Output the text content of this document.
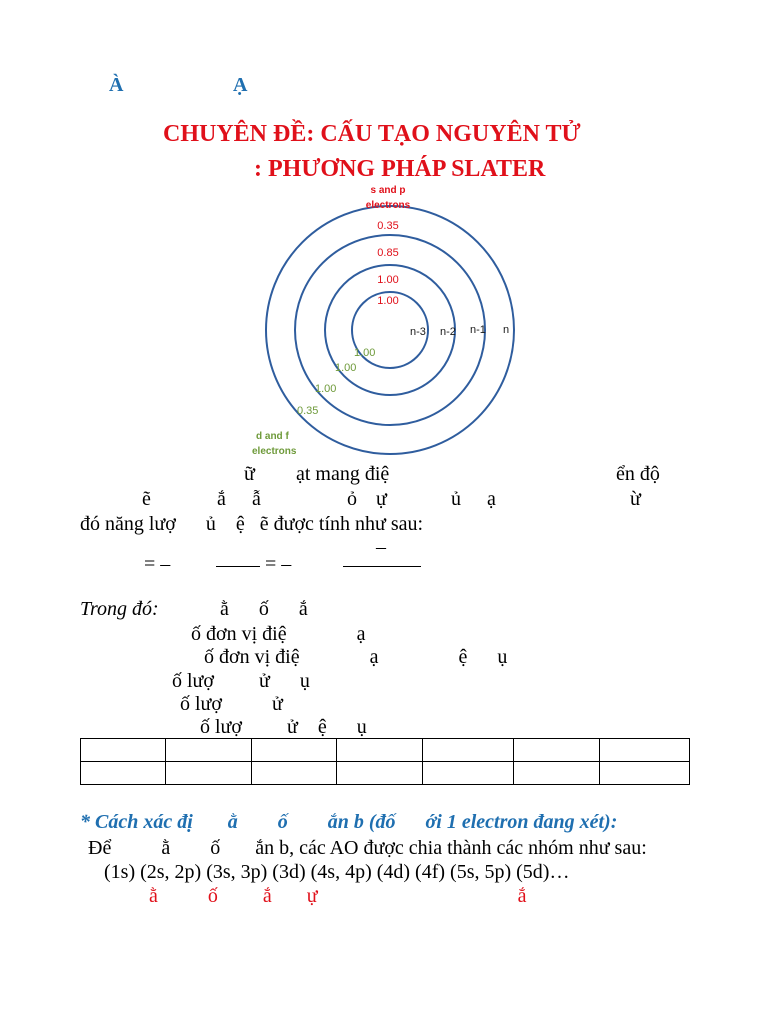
À	Ạ
CHUYÊN ĐỀ: CẤU TẠO NGUYÊN TỬ
: PHƯƠNG PHÁP SLATER
s and p
electrons
0.35
0.85
1.00
1.00
1.00
1.00
1.00
0.35
d and f
electrons
n-3 n-2 n-1 n
ữ ạt mang điệ	ển độ
ẽ	ắ ẫ	ỏ ự	ủ ạ	ừ
đó năng lượ      ủ    ệ   ẽ được tính như sau:
= –	= –
–
Trong đó:	ằ      ố      ắ
ố đơn vị điệ              ạ
ố đơn vị điệ              ạ                ệ      ụ
ố lượ         ử      ụ
ố lượ          ử
ố lượ         ử    ệ      ụ

* Cách xác đị       ằ        ố        ắn b (đố      ới 1 electron đang xét):
Để          ằ        ố       ắn b, các AO được chia thành các nhóm như sau:
(1s) (2s, 2p) (3s, 3p) (3d) (4s, 4p) (4d) (4f) (5s, 5p) (5d)…
ằ          ố         ắ       ự                                        ắ
